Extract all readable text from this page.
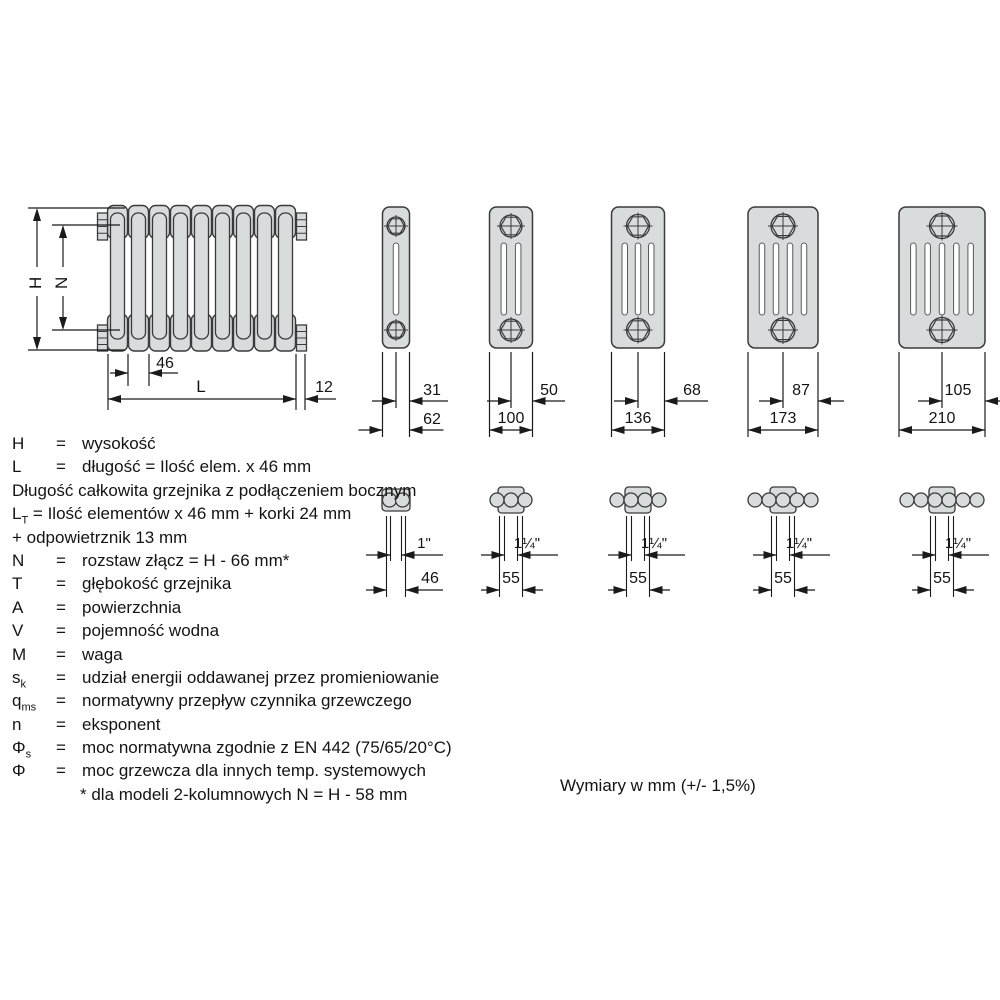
H N
46
L	12	31
62
1"
46
50
100
1¼"
55
68
136
1¼"
55
87
173
1¼"
55
105
210
1¼"
55
H	= wysokość
L	= długość = Ilość elem. x 46 mm
Długość całkowita grzejnika z podłączeniem bocznym
$L_T$ = Ilość elementów x 46 mm + korki 24 mm
+ odpowietrznik 13 mm
N	= rozstaw złącz = H - 66 mm*
T	= głębokość grzejnika
A	= powierzchnia
V	= pojemność wodna
M	= waga
$s_k$	= udział energii oddawanej przez promieniowanie
$q_{ms}$	= normatywny przepływ czynnika grzewczego
n	= eksponent
$\Phi_s$	= moc normatywna zgodnie z EN 442 (75/65/20°C)
Φ	= moc grzewcza dla innych temp. systemowych
* dla modeli 2-kolumnowych N = H - 58 mm	Wymiary w mm (+/- 1,5%)
